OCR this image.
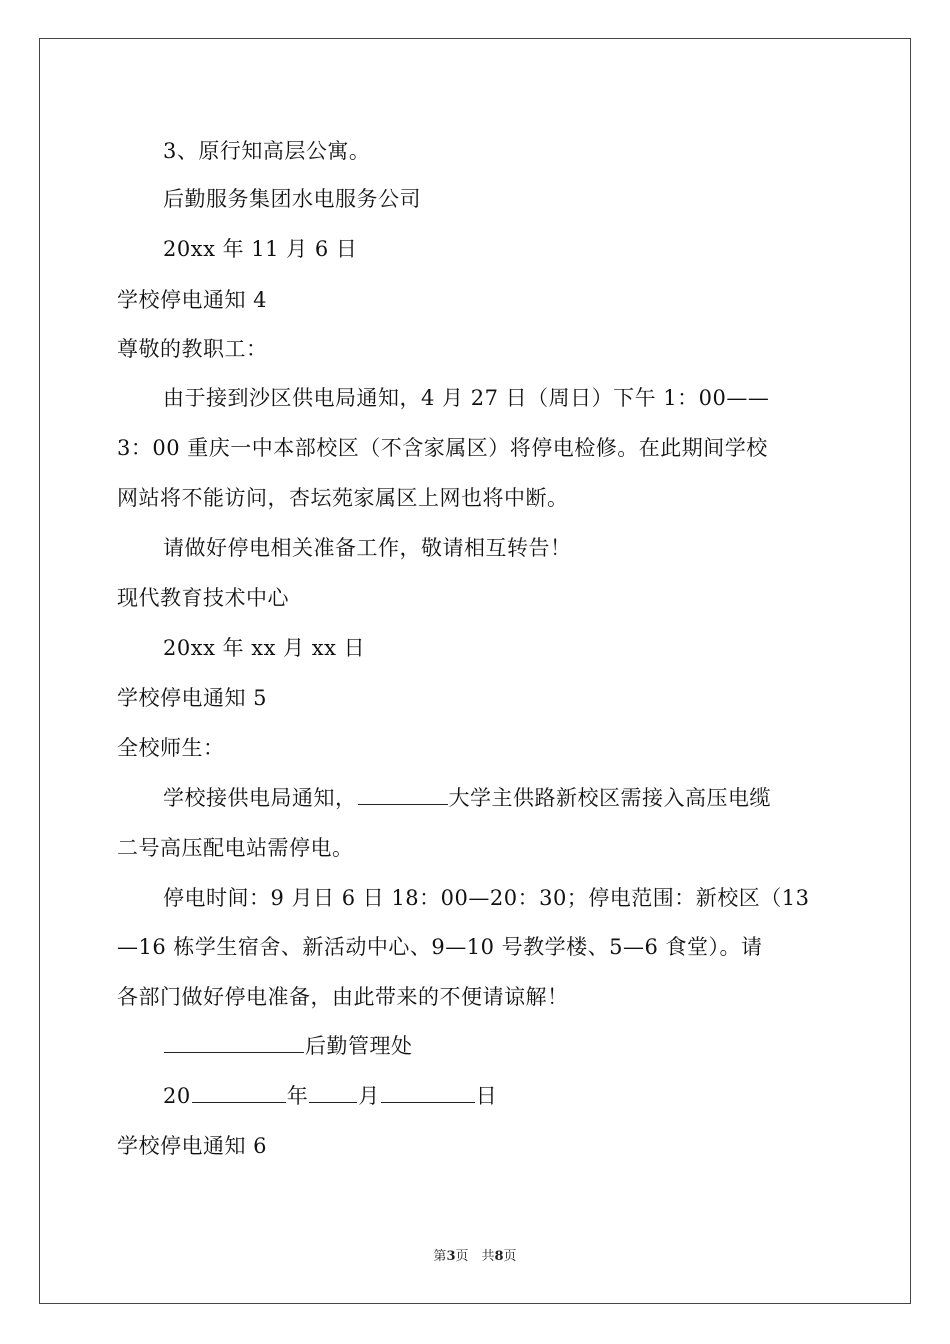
3、原行知高层公寓。
后勤服务集团水电服务公司
20xx 年 11 月 6 日
学校停电通知 4
尊敬的教职工：
由于接到沙区供电局通知，4 月 27 日（周日）下午 1：00——
3：00 重庆一中本部校区（不含家属区）将停电检修。在此期间学校
网站将不能访问，杏坛苑家属区上网也将中断。
请做好停电相关准备工作，敬请相互转告！
现代教育技术中心
20xx 年 xx 月 xx 日
学校停电通知 5
全校师生：
学校接供电局通知，	大学主供路新校区需接入高压电缆
二号高压配电站需停电。
停电时间：9 月日 6 日 18：00—20：30；停电范围：新校区（13
—16 栋学生宿舍、新活动中心、9—10 号教学楼、5—6 食堂）。请
各部门做好停电准备，由此带来的不便请谅解！
后勤管理处
20	年 月	日
学校停电通知 6
第3页　共8页
